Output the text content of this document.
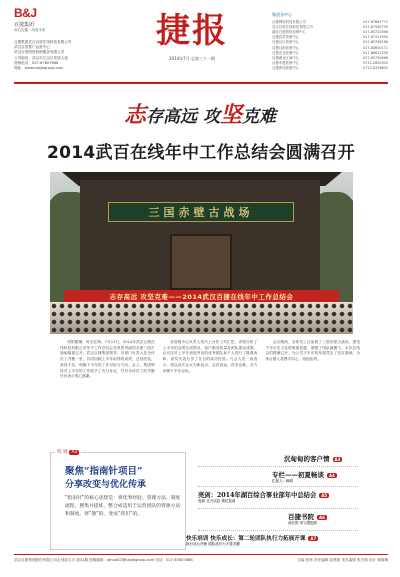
B&J
百捷集团
用心沟通 · 用奋未来
百捷集团武汉百度在线科技有限公司
武汉百度推广运营中心
武汉百度网络营销服务有限公司
公司地址：武汉市江汉区发展大道
营销电话：027-67807868
网址：www.baijiegroup.com
捷报
2014年7月 总第三十一期
集团各中心
百捷网络科技有限公司	027-87687771
武汉百度在线科技有限公司	027-87585735
湖北百度网络营销中心	027-85720566
百捷武昌营销中心	027-87312900
百捷汉口营销中心	027-85766166
百捷汉阳营销中心	027-84600171
百捷光谷营销中心	027-86611330
百捷湖北区域中心	027-85730466
百捷孝感营销中心	0712-2850300
百捷黄冈营销中心	0713-8316601
志存高远 攻坚克难
2014武百在线年中工作总结会圆满召开
三国赤壁古战场
志存高远 攻坚克难——2014武汉百捷在线年中工作总结会

骄阳酷暑，时光荏苒。7月12日，2014年武汉百捷在线科技有限公司年中工作总结会在风景秀丽的赤壁三国古战场隆重召开。武汉百捷集团领导、各部门负责人及全体员工齐聚一堂，共同回顾上半年取得的成绩，总结经验，查找不足，明确下半年的工作目标与方向。会上，集团领导对上半年的工作给予了充分肯定，并对全体员工的辛勤付出表示衷心感谢。

各营销中心负责人依次上台作工作汇报，详细分析了上半年的业绩完成情况、客户服务质量及团队建设成果。会议还对上半年表现突出的优秀团队和个人进行了隆重表彰，获奖代表分享了各自的成功经验。与会人员一致表示，将以此次会议为新起点，志存高远，攻坚克难，全力冲刺下半年目标。

会议期间，全体员工还参观了三国赤壁古战场，感受千年历史文化的厚重底蕴，增强了团队凝聚力。本次总结会的圆满召开，为公司下半年的发展奠定了坚实基础，全体百捷人将携手同心，再创佳绩。

特 别 A2
聚焦“指南针项目”
分享改变与优化传承
“指南针”的核心思想是：将优秀经验、管理方法、制度流程，搜集并提炼，整合成适用于运营团队的资源方法和制度。将“教”的，变成“我们”的。
沉甸甸的客户情 A3
专栏——初夏畅谈 A4
汇报人：杨明
亮剑：2014年湖百综合事业部年中总结会 A5
亮剑 全力以赴 勇往直前
百捷书院 A6
成长的 学习型组织
快乐培训 快乐成长：第二轮团队执行力拓展开课 A7
执行从心开始 团队执行力才是关键
武汉百捷集团股份有限公司企划部主办 第31期 投稿邮箱：qihua02@baijiegroup.com 电话：027-67807868	总编 张炜 责任编辑 赵晨阳 美术编辑 张天明 设计 黄翔琳
